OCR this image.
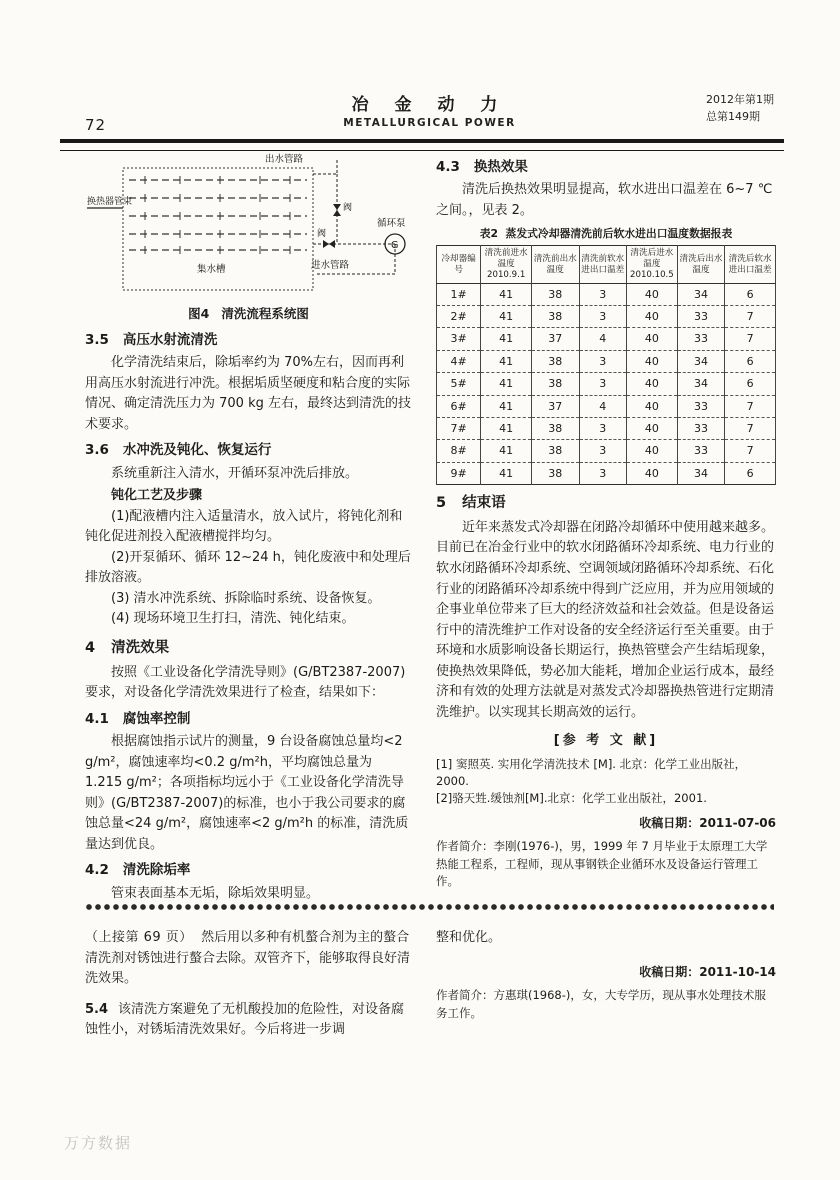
72
冶 金 动 力
METALLURGICAL POWER
2012年第1期
总第149期
换热器管束
出水管路
阀
阀
G
循环泵
进水管路
集水槽
图4 清洗流程系统图
3.5 高压水射流清洗

化学清洗结束后，除垢率约为 70%左右，因而再利用高压水射流进行冲洗。根据垢质坚硬度和粘合度的实际情况、确定清洗压力为 700 kg 左右，最终达到清洗的技术要求。

3.6 水冲洗及钝化、恢复运行

系统重新注入清水，开循环泵冲洗后排放。

钝化工艺及步骤

(1)配液槽内注入适量清水，放入试片，将钝化剂和钝化促进剂投入配液槽搅拌均匀。

(2)开泵循环、循环 12~24 h，钝化废液中和处理后排放溶液。

(3) 清水冲洗系统、拆除临时系统、设备恢复。

(4) 现场环境卫生打扫，清洗、钝化结束。

4 清洗效果

按照《工业设备化学清洗导则》(G/BT2387-2007)要求，对设备化学清洗效果进行了检查，结果如下：

4.1 腐蚀率控制

根据腐蚀指示试片的测量，9 台设备腐蚀总量均<2 g/m²，腐蚀速率均<0.2 g/m²h，平均腐蚀总量为 1.215 g/m²；各项指标均远小于《工业设备化学清洗导则》(G/BT2387-2007)的标准，也小于我公司要求的腐蚀总量<24 g/m²，腐蚀速率<2 g/m²h 的标准，清洗质量达到优良。

4.2 清洗除垢率

管束表面基本无垢，除垢效果明显。

4.3 换热效果

清洗后换热效果明显提高，软水进出口温差在 6~7 ℃之间。，见表 2。

表2 蒸发式冷却器清洗前后软水进出口温度数据报表
冷却器编号	清洗前进水温度2010.9.1	清洗前出水温度	清洗前软水进出口温差	清洗后进水温度2010.10.5	清洗后出水温度	清洗后软水进出口温差
1#	41	38	3	40	34	6
2#	41	38	3	40	33	7
3#	41	37	4	40	33	7
4#	41	38	3	40	34	6
5#	41	38	3	40	34	6
6#	41	37	4	40	33	7
7#	41	38	3	40	33	7
8#	41	38	3	40	33	7
9#	41	38	3	40	34	6
5 结束语

近年来蒸发式冷却器在闭路冷却循环中使用越来越多。目前已在冶金行业中的软水闭路循环冷却系统、电力行业的软水闭路循环冷却系统、空调领域闭路循环冷却系统、石化行业的闭路循环冷却系统中得到广泛应用，并为应用领域的企事业单位带来了巨大的经济效益和社会效益。但是设备运行中的清洗维护工作对设备的安全经济运行至关重要。由于环境和水质影响设备长期运行，换热管壁会产生结垢现象，使换热效果降低，势必加大能耗，增加企业运行成本，最经济和有效的处理方法就是对蒸发式冷却器换热管进行定期清洗维护。以实现其长期高效的运行。

[参 考 文 献]

[1] 窦照英. 实用化学清洗技术 [M]. 北京：化学工业出版社，2000.

[2]骆天甡.缓蚀剂[M].北京：化学工业出版社，2001.

收稿日期：2011-07-06

作者简介：李刚(1976-)，男，1999 年 7 月毕业于太原理工大学热能工程系，工程师，现从事钢铁企业循环水及设备运行管理工作。

（上接第 69 页） 然后用以多种有机螯合剂为主的螯合清洗剂对锈蚀进行螯合去除。双管齐下，能够取得良好清洗效果。

5.4 该清洗方案避免了无机酸投加的危险性，对设备腐蚀性小，对锈垢清洗效果好。今后将进一步调

整和优化。

收稿日期：2011-10-14

作者简介：方惠琪(1968-)，女，大专学历，现从事水处理技术服务工作。

万方数据
